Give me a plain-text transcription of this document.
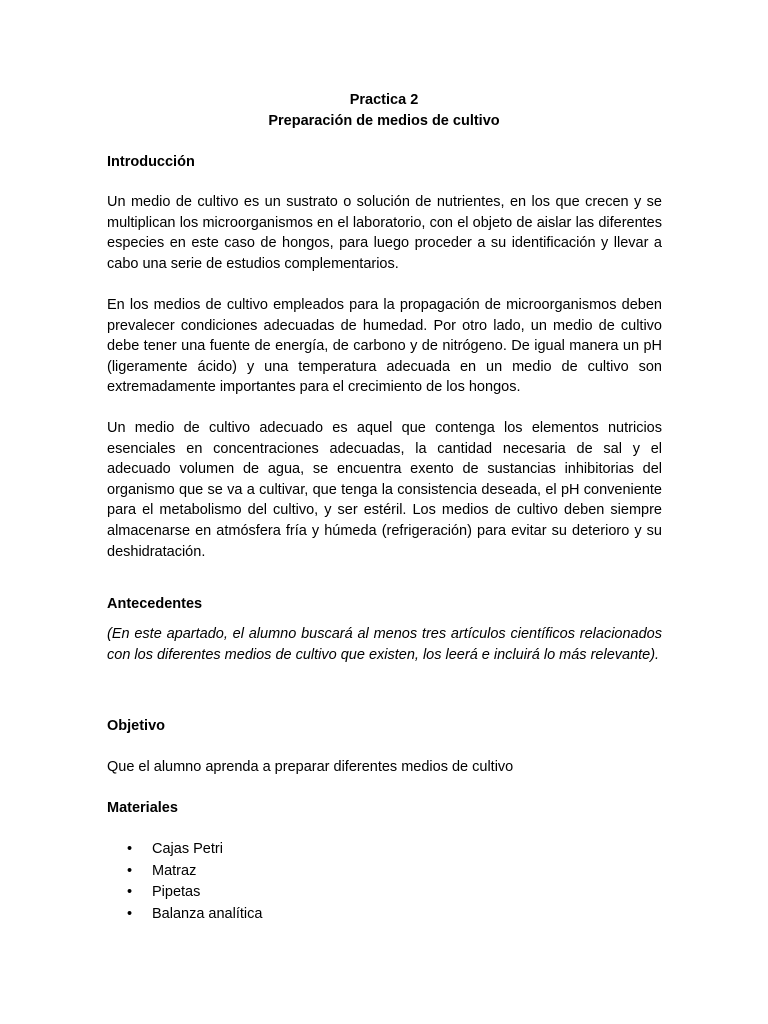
Practica 2
Preparación de medios de cultivo
Introducción
Un medio de cultivo es un sustrato o solución de nutrientes, en los que crecen y se multiplican los microorganismos en el laboratorio, con el objeto de aislar las diferentes especies en este caso de hongos, para luego proceder a su identificación y llevar a cabo una serie de estudios complementarios.
En los medios de cultivo empleados para la propagación de microorganismos deben prevalecer condiciones adecuadas de humedad. Por otro lado, un medio de cultivo debe tener una fuente de energía, de carbono y de nitrógeno. De igual manera un pH (ligeramente ácido) y una temperatura adecuada en un medio de cultivo son extremadamente importantes para el crecimiento de los hongos.
Un medio de cultivo adecuado es aquel que contenga los elementos nutricios esenciales en concentraciones adecuadas, la cantidad necesaria de sal y el adecuado volumen de agua, se encuentra exento de sustancias inhibitorias del organismo que se va a cultivar, que tenga la consistencia deseada, el pH conveniente para el metabolismo del cultivo, y ser estéril. Los medios de cultivo deben siempre almacenarse en atmósfera fría y húmeda (refrigeración) para evitar su deterioro y su deshidratación.
Antecedentes
(En este apartado, el alumno buscará al menos tres artículos científicos relacionados con los diferentes medios de cultivo que existen, los leerá e incluirá lo más relevante).
Objetivo
Que el alumno aprenda a preparar diferentes medios de cultivo
Materiales
• Cajas Petri
• Matraz
• Pipetas
• Balanza analítica
